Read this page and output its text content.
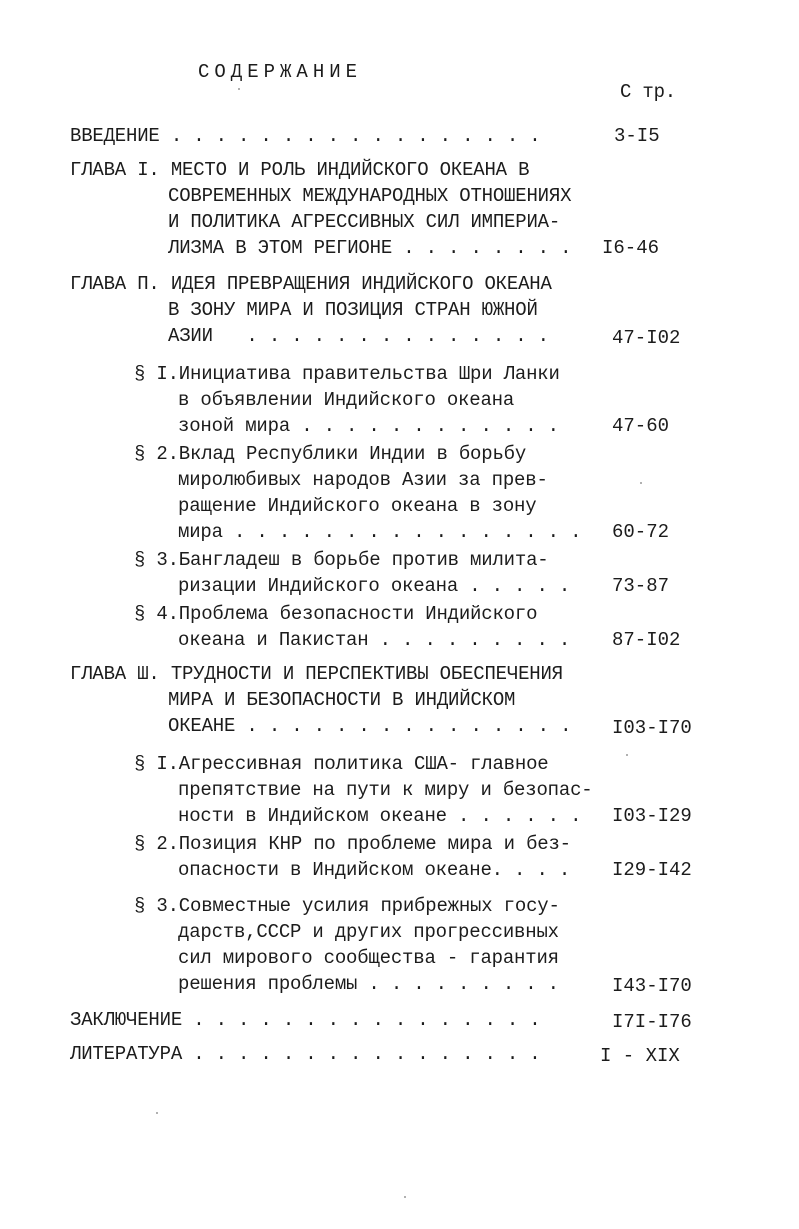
СОДЕРЖАНИЕ
С тр.
ВВЕДЕНИЕ . . . . . . . . . . . . . . . . .	3-I5
ГЛАВА I. МЕСТО И РОЛЬ ИНДИЙСКОГО ОКЕАНА В
СОВРЕМЕННЫХ МЕЖДУНАРОДНЫХ ОТНОШЕНИЯХ
И ПОЛИТИКА АГРЕССИВНЫХ СИЛ ИМПЕРИА-
ЛИЗМА В ЭТОМ РЕГИОНЕ . . . . . . . . I6-46
ГЛАВА П. ИДЕЯ ПРЕВРАЩЕНИЯ ИНДИЙСКОГО ОКЕАНА
В ЗОНУ МИРА И ПОЗИЦИЯ СТРАН ЮЖНОЙ
АЗИИ   . . . . . . . . . . . . . .	47-I02
§ I.Инициатива правительства Шри Ланки
в объявлении Индийского океана
зоной мира . . . . . . . . . . . .	47-60
§ 2.Вклад Республики Индии в борьбу
миролюбивых народов Азии за прев-
ращение Индийского океана в зону
мира . . . . . . . . . . . . . . . . 60-72
§ 3.Бангладеш в борьбе против милита-
ризации Индийского океана . . . . . 73-87
§ 4.Проблема безопасности Индийского
океана и Пакистан . . . . . . . . . 87-I02
ГЛАВА Ш. ТРУДНОСТИ И ПЕРСПЕКТИВЫ ОБЕСПЕЧЕНИЯ
МИРА И БЕЗОПАСНОСТИ В ИНДИЙСКОМ
ОКЕАНЕ . . . . . . . . . . . . . . . I03-I70
§ I.Агрессивная политика США- главное
препятствие на пути к миру и безопас-
ности в Индийском океане . . . . . . I03-I29
§ 2.Позиция КНР по проблеме мира и без-
опасности в Индийском океане. . . . I29-I42
§ 3.Совместные усилия прибрежных госу-
дарств,СССР и других прогрессивных
сил мирового сообщества - гарантия
решения проблемы . . . . . . . . .	I43-I70
ЗАКЛЮЧЕНИЕ . . . . . . . . . . . . . . . .	I7I-I76
ЛИТЕРАТУРА . . . . . . . . . . . . . . . .	I - XIX
